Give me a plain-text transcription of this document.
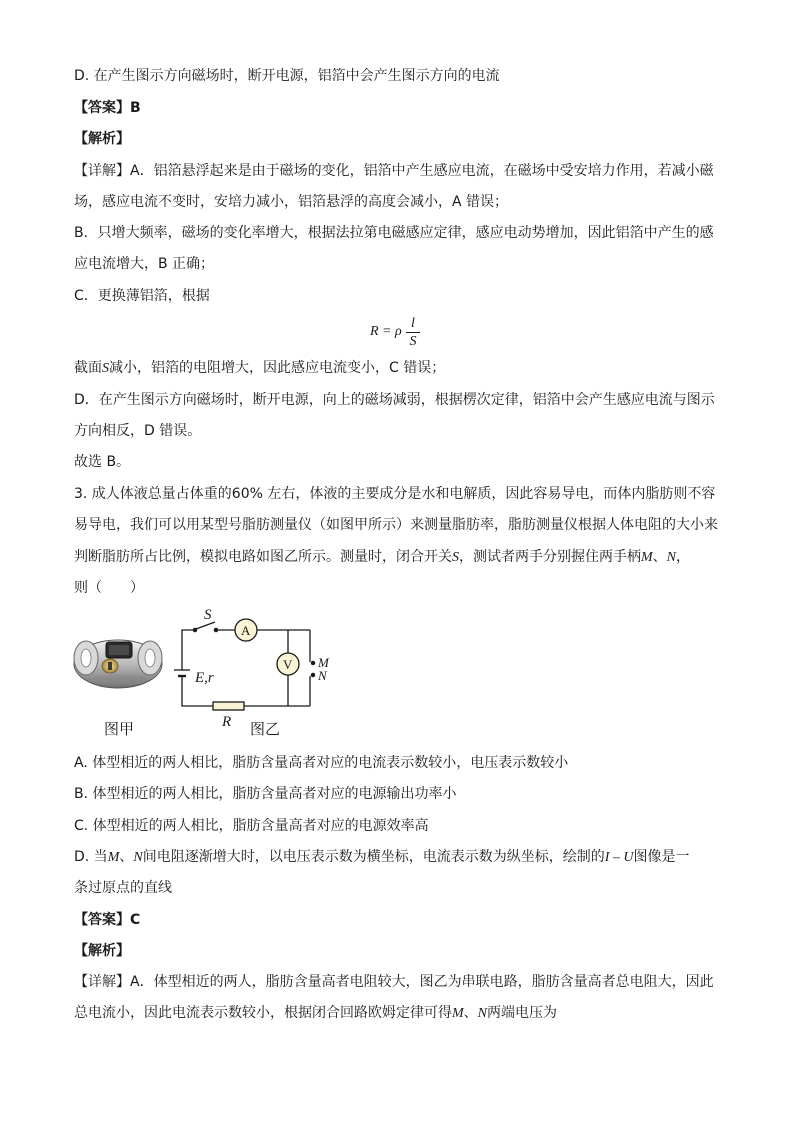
D. 在产生图示方向磁场时，断开电源，铝箔中会产生图示方向的电流
【答案】B
【解析】
【详解】A．铝箔悬浮起来是由于磁场的变化，铝箔中产生感应电流，在磁场中受安培力作用，若减小磁
场，感应电流不变时，安培力减小，铝箔悬浮的高度会减小，A 错误；
B．只增大频率，磁场的变化率增大，根据法拉第电磁感应定律，感应电动势增加，因此铝箔中产生的感
应电流增大，B 正确；
C．更换薄铝箔，根据
R = ρ
l
S
截面S减小，铝箔的电阻增大，因此感应电流变小，C 错误；
D．在产生图示方向磁场时，断开电源，向上的磁场减弱，根据楞次定律，铝箔中会产生感应电流与图示
方向相反，D 错误。
故选 B。
3. 成人体液总量占体重的60% 左右，体液的主要成分是水和电解质，因此容易导电，而体内脂肪则不容
易导电，我们可以用某型号脂肪测量仪（如图甲所示）来测量脂肪率，脂肪测量仪根据人体电阻的大小来
判断脂肪所占比例，模拟电路如图乙所示。测量时，闭合开关S，测试者两手分别握住两手柄M、N，
则（　　）
S
A
V
E,r
R
M
N
图甲	图乙
A. 体型相近的两人相比，脂肪含量高者对应的电流表示数较小，电压表示数较小
B. 体型相近的两人相比，脂肪含量高者对应的电源输出功率小
C. 体型相近的两人相比，脂肪含量高者对应的电源效率高
D. 当M、N间电阻逐渐增大时，以电压表示数为横坐标，电流表示数为纵坐标，绘制的I – U图像是一
条过原点的直线
【答案】C
【解析】
【详解】A．体型相近的两人，脂肪含量高者电阻较大，图乙为串联电路，脂肪含量高者总电阻大，因此
总电流小，因此电流表示数较小，根据闭合回路欧姆定律可得M、N两端电压为
